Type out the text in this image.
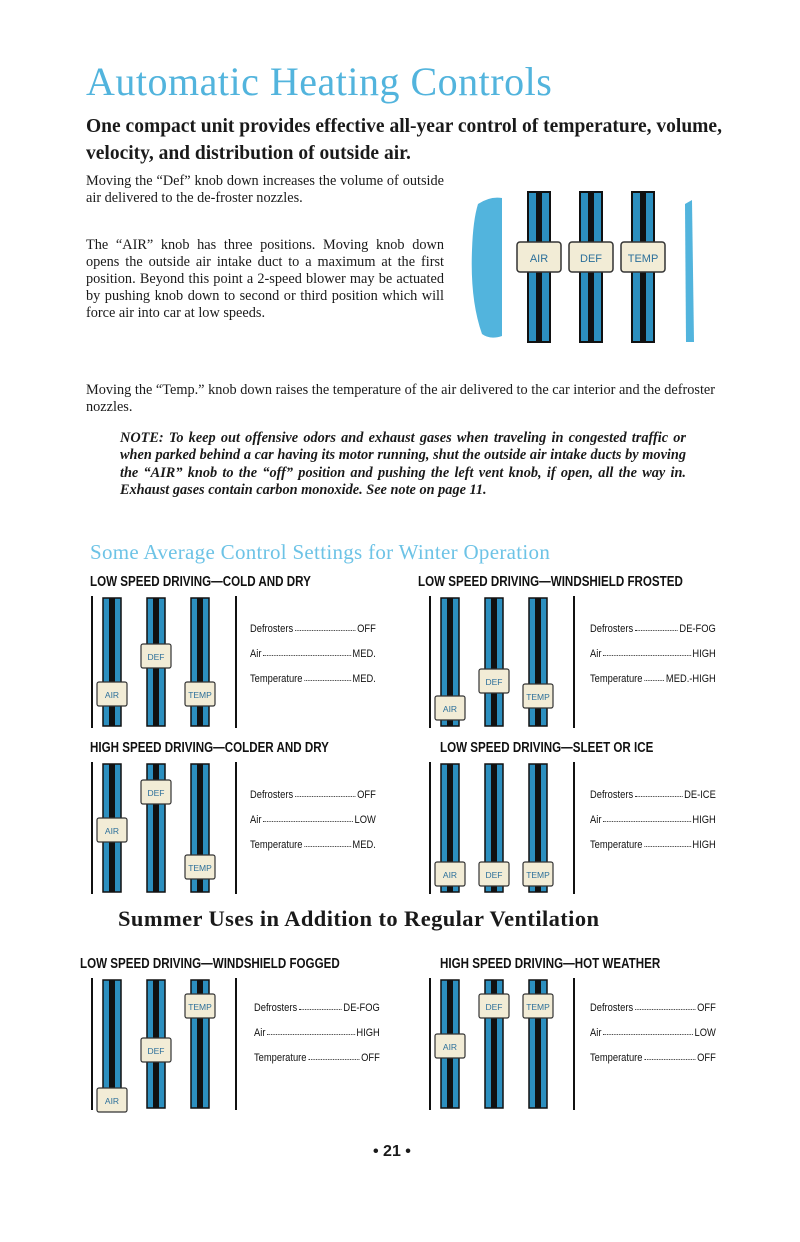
Automatic Heating Controls
One compact unit provides effective all-year control of temperature, volume, velocity, and distribution of outside air.
Moving the “Def” knob down increases the volume of outside air delivered to the de-froster nozzles.
The “AIR” knob has three positions. Moving knob down opens the outside air intake duct to a maximum at the first position. Beyond this point a 2-speed blower may be actuated by pushing knob down to second or third position which will force air into car at low speeds.
AIR	DEF TEMP
Moving the “Temp.” knob down raises the temperature of the air delivered to the car interior and the defroster nozzles.
NOTE: To keep out offensive odors and exhaust gases when traveling in congested traffic or when parked behind a car having its motor running, shut the outside air intake ducts by moving the “AIR” knob to the “off” position and pushing the left vent knob, if open, all the way in. Exhaust gases contain carbon monoxide. See note on page 11.
Some Average Control Settings for Winter Operation
LOW SPEED DRIVING—COLD AND DRY
AIR
DEF
TEMP
Defrosters	OFF
Air	MED.
Temperature	MED.
LOW SPEED DRIVING—WINDSHIELD FROSTED
AIR
DEF
TEMP
Defrosters	DE-FOG
Air	HIGH
Temperature MED.-HIGH
HIGH SPEED DRIVING—COLDER AND DRY
AIR
DEF
TEMP
Defrosters	OFF
Air	LOW
Temperature	MED.
LOW SPEED DRIVING—SLEET OR ICE
AIR	DEF	TEMP
Defrosters	DE-ICE
Air	HIGH
Temperature	HIGH
LOW SPEED DRIVING—WINDSHIELD FOGGED
AIR
DEF
TEMP	Defrosters	DE-FOG
Air	HIGH
Temperature	OFF
HIGH SPEED DRIVING—HOT WEATHER
AIR
DEF	TEMP	Defrosters	OFF
Air	LOW
Temperature	OFF
Summer Uses in Addition to Regular Ventilation
• 21 •
